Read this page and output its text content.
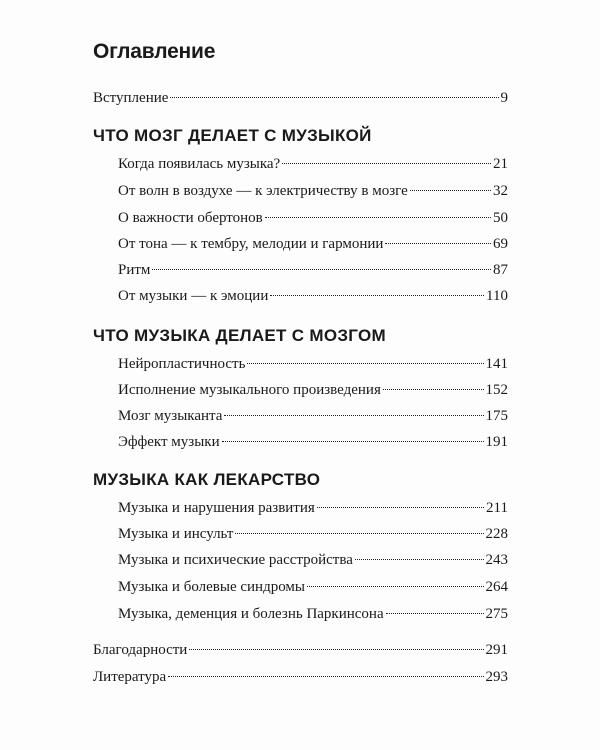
Оглавление
Вступление	9
ЧТО МОЗГ ДЕЛАЕТ С МУЗЫКОЙ
Когда появилась музыка?	21
От волн в воздухе — к электричеству в мозге	32
О важности обертонов	50
От тона — к тембру, мелодии и гармонии	69
Ритм	87
От музыки — к эмоции	110
ЧТО МУЗЫКА ДЕЛАЕТ С МОЗГОМ
Нейропластичность	141
Исполнение музыкального произведения	152
Мозг музыканта	175
Эффект музыки	191
МУЗЫКА КАК ЛЕКАРСТВО
Музыка и нарушения развития	211
Музыка и инсульт	228
Музыка и психические расстройства	243
Музыка и болевые синдромы	264
Музыка, деменция и болезнь Паркинсона	275
Благодарности	291
Литература	293
